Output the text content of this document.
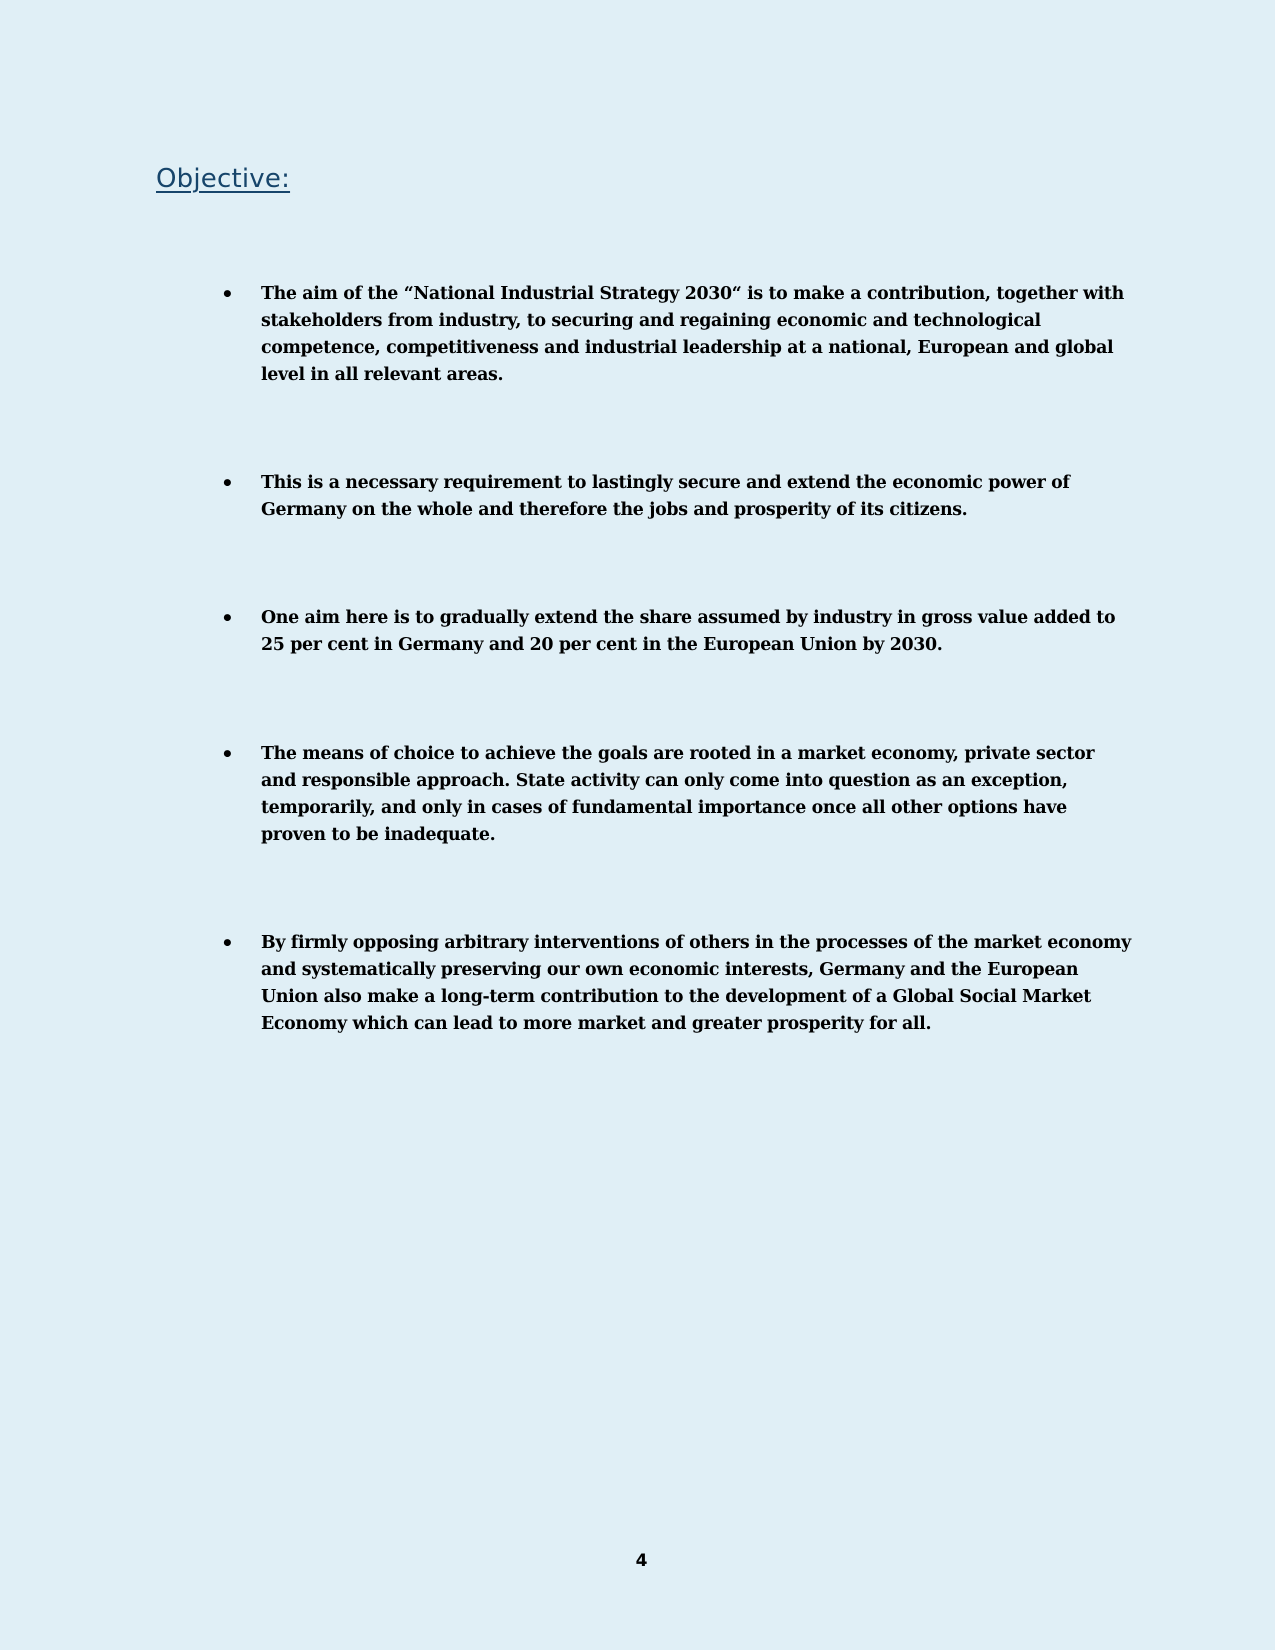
Objective:
•	The aim of the “National Industrial Strategy 2030“ is to make a contribution, together with stakeholders from industry, to securing and regaining economic and technological competence, competitiveness and industrial leadership at a national, European and global level in all relevant areas.
•	This is a necessary requirement to lastingly secure and extend the economic power of Germany on the whole and therefore the jobs and prosperity of its citizens.
•	One aim here is to gradually extend the share assumed by industry in gross value added to 25 per cent in Germany and 20 per cent in the European Union by 2030.
•	The means of choice to achieve the goals are rooted in a market economy, private sector and responsible approach. State activity can only come into question as an exception, temporarily, and only in cases of fundamental importance once all other options have proven to be inadequate.
•	By firmly opposing arbitrary interventions of others in the processes of the market economy and systematically preserving our own economic interests, Germany and the European Union also make a long-term contribution to the development of a Global Social Market Economy which can lead to more market and greater prosperity for all.
4
